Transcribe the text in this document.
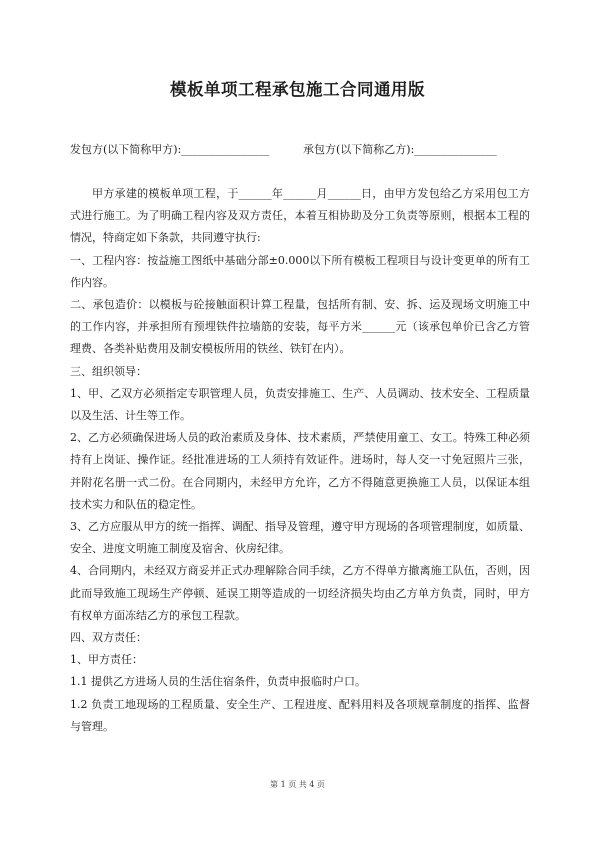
模板单项工程承包施工合同通用版
发包方(以下简称甲方):________________	承包方(以下简称乙方):_______________

甲方承建的模板单项工程，于______年______月______日，由甲方发包给乙方采用包工方式进行施工。为了明确工程内容及双方责任，本着互相协助及分工负责等原则，根据本工程的情况，特商定如下条款，共同遵守执行:

一、工程内容：按益施工图纸中基础分部±0.000以下所有模板工程项目与设计变更单的所有工作内容。

二、承包造价：以模板与砼接触面积计算工程量，包括所有制、安、拆、运及现场文明施工中的工作内容，并承担所有预埋铁件拉墙筋的安装，每平方米______元（该承包单价已含乙方管理费、各类补贴费用及制安模板所用的铁丝、铁钉在内）。

三、组织领导：

1、甲、乙双方必须指定专职管理人员，负责安排施工、生产、人员调动、技术安全、工程质量以及生活、计生等工作。

2、乙方必须确保进场人员的政治素质及身体、技术素质，严禁使用童工、女工。特殊工种必须持有上岗证、操作证。经批准进场的工人须持有效证件。进场时，每人交一寸免冠照片三张，并附花名册一式二份。在合同期内，未经甲方允许，乙方不得随意更换施工人员，以保证本组技术实力和队伍的稳定性。

3、乙方应服从甲方的统一指挥、调配、指导及管理，遵守甲方现场的各项管理制度，如质量、安全、进度文明施工制度及宿舍、伙房纪律。

4、合同期内，未经双方商妥并正式办理解除合同手续，乙方不得单方撤离施工队伍，否则，因此而导致施工现场生产停顿、延误工期等造成的一切经济损失均由乙方单方负责，同时，甲方有权单方面冻结乙方的承包工程款。

四、双方责任：

1、甲方责任：

1.1 提供乙方进场人员的生活住宿条件，负责申报临时户口。

1.2 负责工地现场的工程质量、安全生产、工程进度、配料用料及各项规章制度的指挥、监督与管理。

第 1 页 共 4 页
